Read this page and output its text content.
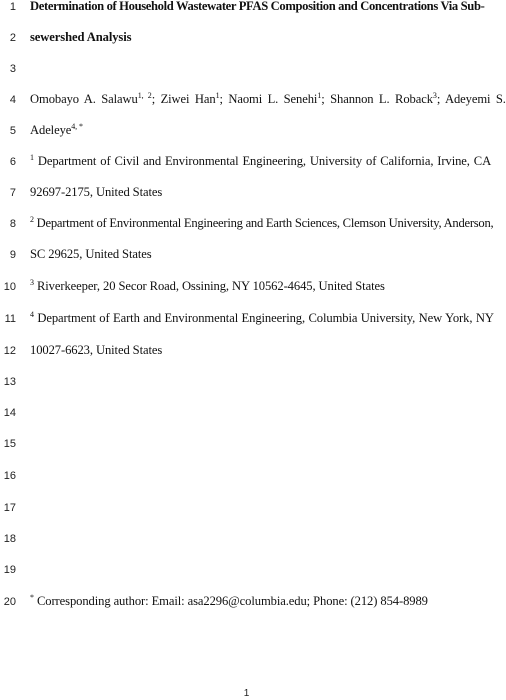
1
2
3
4
5
6
7
8
9
10
11
12
13
14
15
16
17
18
19
20
Determination of Household Wastewater PFAS Composition and Concentrations Via Sub-
sewershed Analysis
Omobayo A. Salawu$^{1, 2}$; Ziwei Han$^1$; Naomi L. Senehi$^1$; Shannon L. Roback$^3$; Adeyemi S.
Adeleye$^{4, *}$
$^1$ Department of Civil and Environmental Engineering, University of California, Irvine, CA
92697-2175, United States
$^2$ Department of Environmental Engineering and Earth Sciences, Clemson University, Anderson,
SC 29625, United States
$^3$ Riverkeeper, 20 Secor Road, Ossining, NY 10562-4645, United States
$^4$ Department of Earth and Environmental Engineering, Columbia University, New York, NY
10027-6623, United States
* Corresponding author: Email: asa2296@columbia.edu; Phone: (212) 854-8989
1
